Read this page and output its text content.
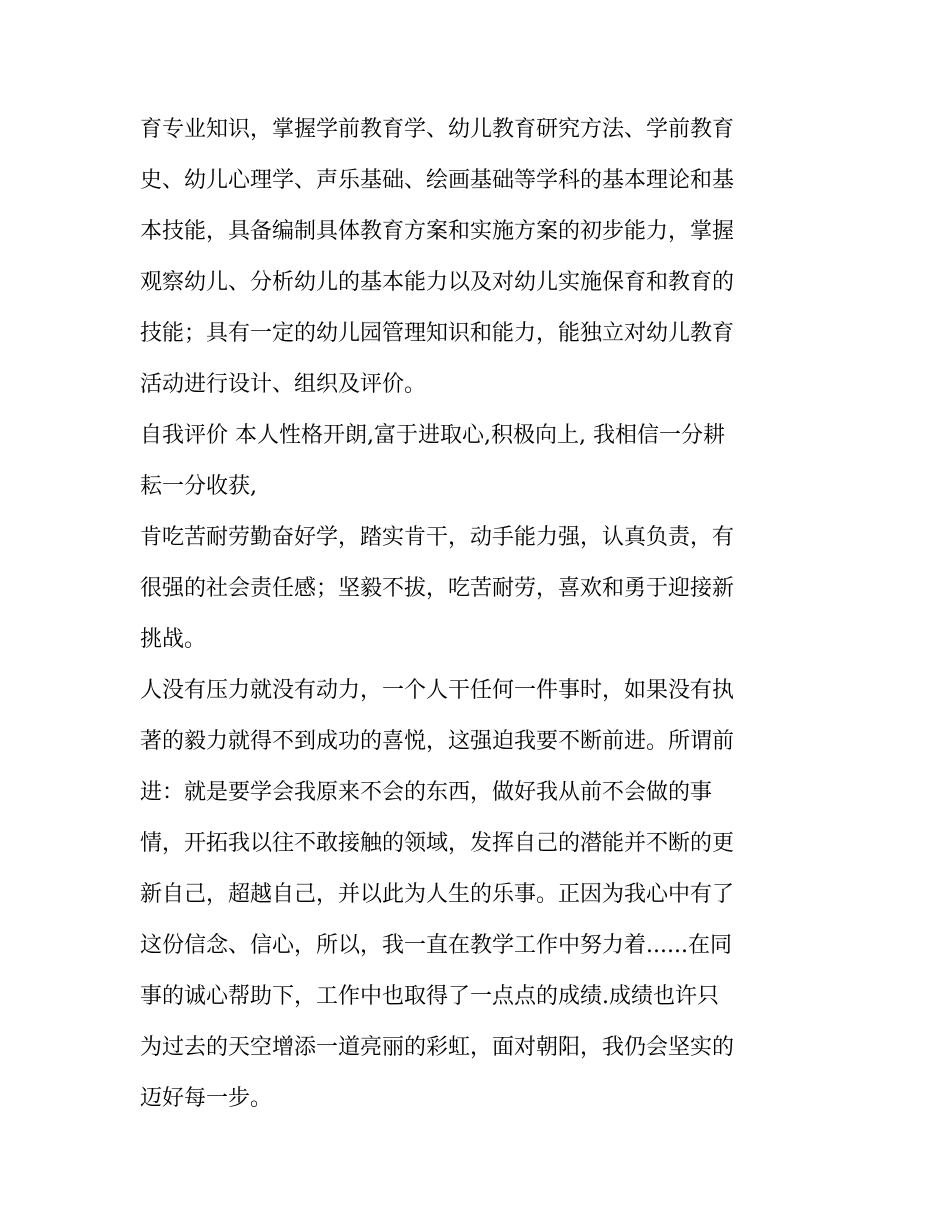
育专业知识，掌握学前教育学、幼儿教育研究方法、学前教育
史、幼儿心理学、声乐基础、绘画基础等学科的基本理论和基
本技能，具备编制具体教育方案和实施方案的初步能力，掌握
观察幼儿、分析幼儿的基本能力以及对幼儿实施保育和教育的
技能；具有一定的幼儿园管理知识和能力，能独立对幼儿教育
活动进行设计、组织及评价。

自我评价 本人性格开朗,富于进取心,积极向上, 我相信一分耕
耘一分收获,

肯吃苦耐劳勤奋好学，踏实肯干，动手能力强，认真负责，有
很强的社会责任感；坚毅不拔，吃苦耐劳，喜欢和勇于迎接新
挑战。

人没有压力就没有动力，一个人干任何一件事时，如果没有执
著的毅力就得不到成功的喜悦，这强迫我要不断前进。所谓前
进：就是要学会我原来不会的东西，做好我从前不会做的事
情，开拓我以往不敢接触的领域，发挥自己的潜能并不断的更
新自己，超越自己，并以此为人生的乐事。正因为我心中有了
这份信念、信心，所以，我一直在教学工作中努力着......在同
事的诚心帮助下，工作中也取得了一点点的成绩.成绩也许只
为过去的天空增添一道亮丽的彩虹，面对朝阳，我仍会坚实的
迈好每一步。
